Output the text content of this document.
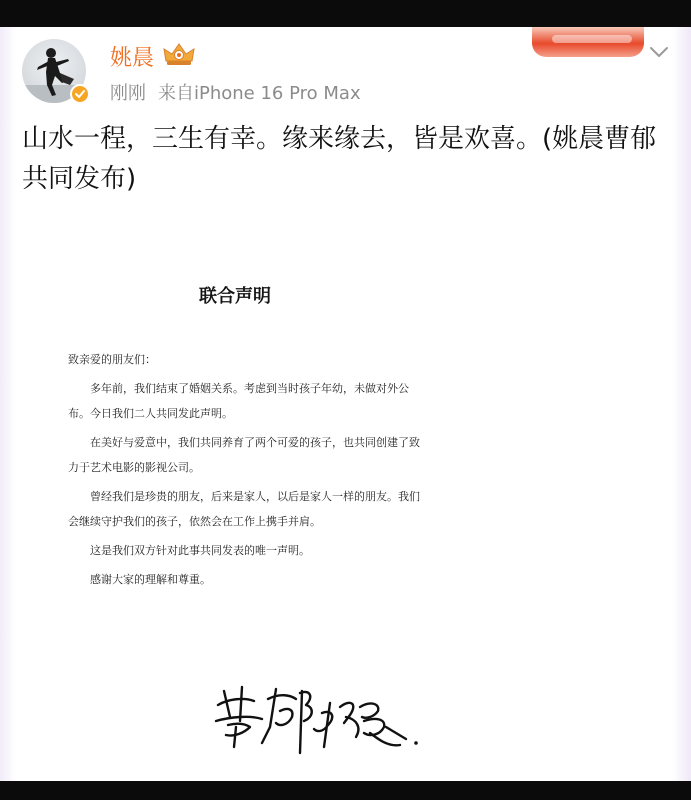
姚晨
刚刚 来自iPhone 16 Pro Max

山水一程，三生有幸。缘来缘去，皆是欢喜。(姚晨曹郁共同发布)

联合声明

致亲爱的朋友们：

多年前，我们结束了婚姻关系。考虑到当时孩子年幼，未做对外公布。今日我们二人共同发此声明。

在美好与爱意中，我们共同养育了两个可爱的孩子，也共同创建了致力于艺术电影的影视公司。

曾经我们是珍贵的朋友，后来是家人，以后是家人一样的朋友。我们会继续守护我们的孩子，依然会在工作上携手并肩。

这是我们双方针对此事共同发表的唯一声明。

感谢大家的理解和尊重。
